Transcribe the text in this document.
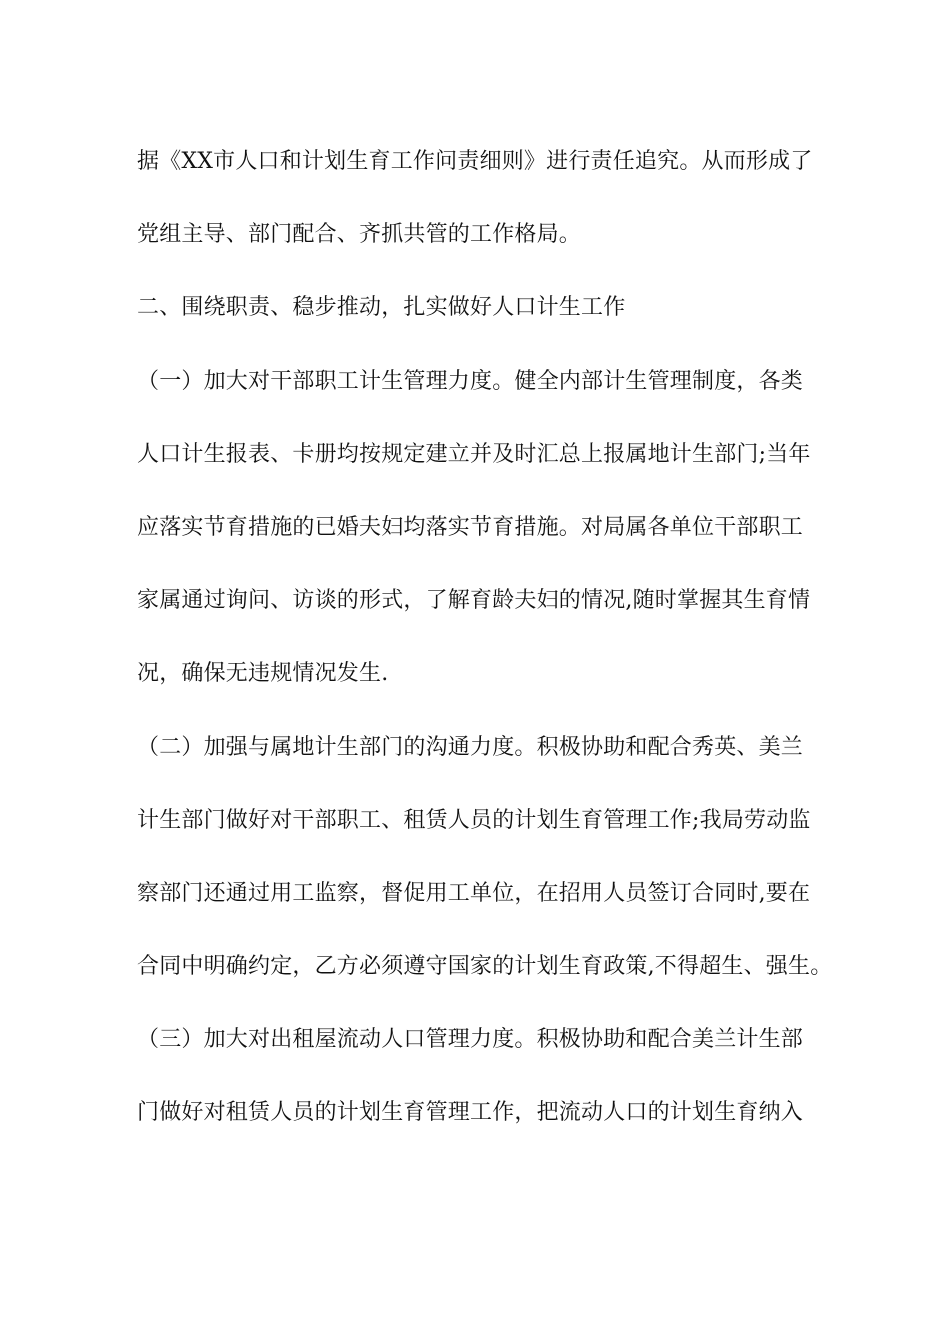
据《XX市人口和计划生育工作问责细则》进行责任追究。从而形成了
党组主导、部门配合、齐抓共管的工作格局。
二、围绕职责、稳步推动，扎实做好人口计生工作
（一）加大对干部职工计生管理力度。健全内部计生管理制度，各类
人口计生报表、卡册均按规定建立并及时汇总上报属地计生部门;当年
应落实节育措施的已婚夫妇均落实节育措施。对局属各单位干部职工
家属通过询问、访谈的形式，了解育龄夫妇的情况,随时掌握其生育情
况，确保无违规情况发生.
（二）加强与属地计生部门的沟通力度。积极协助和配合秀英、美兰
计生部门做好对干部职工、租赁人员的计划生育管理工作;我局劳动监
察部门还通过用工监察，督促用工单位，在招用人员签订合同时,要在
合同中明确约定，乙方必须遵守国家的计划生育政策,不得超生、强生。
（三）加大对出租屋流动人口管理力度。积极协助和配合美兰计生部
门做好对租赁人员的计划生育管理工作，把流动人口的计划生育纳入
